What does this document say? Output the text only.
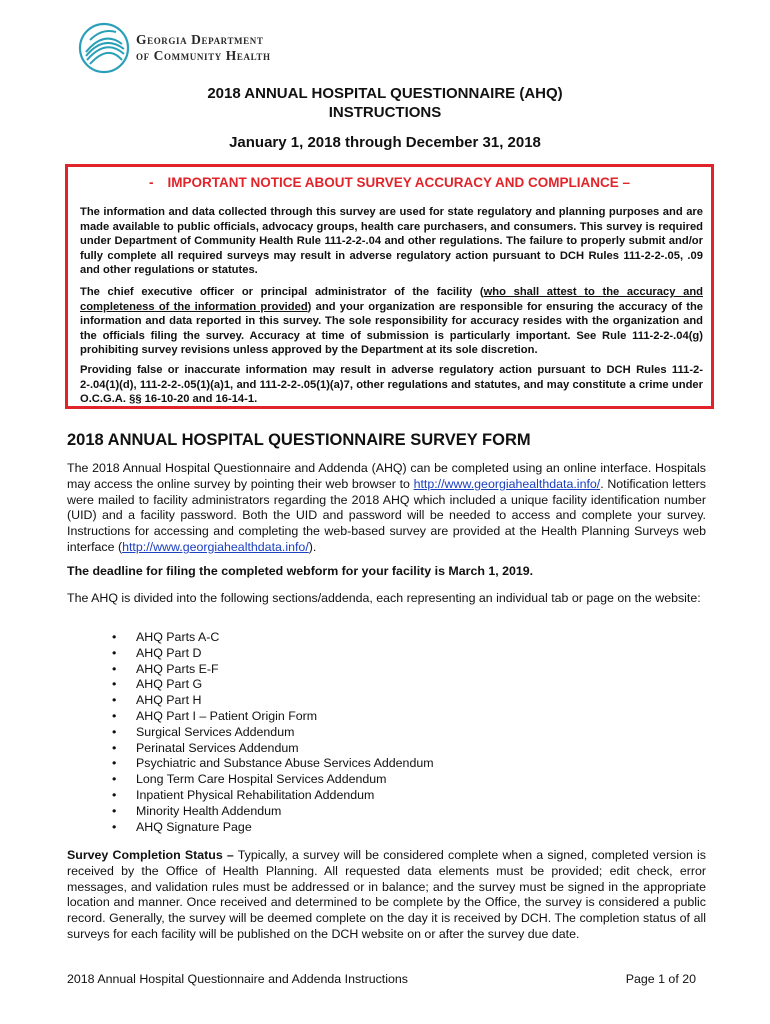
Georgia Department
of Community Health
2018 ANNUAL HOSPITAL QUESTIONNAIRE (AHQ)
INSTRUCTIONS
January 1, 2018 through December 31, 2018
- IMPORTANT NOTICE ABOUT SURVEY ACCURACY AND COMPLIANCE –
The information and data collected through this survey are used for state regulatory and planning purposes and are made available to public officials, advocacy groups, health care purchasers, and consumers. This survey is required under Department of Community Health Rule 111-2-2-.04 and other regulations. The failure to properly submit and/or fully complete all required surveys may result in adverse regulatory action pursuant to DCH Rules 111-2-2-.05, .09 and other regulations or statutes.
The chief executive officer or principal administrator of the facility (who shall attest to the accuracy and completeness of the information provided) and your organization are responsible for ensuring the accuracy of the information and data reported in this survey. The sole responsibility for accuracy resides with the organization and the officials filing the survey. Accuracy at time of submission is particularly important. See Rule 111-2-2-.04(g) prohibiting survey revisions unless approved by the Department at its sole discretion.
Providing false or inaccurate information may result in adverse regulatory action pursuant to DCH Rules 111-2-2-.04(1)(d), 111-2-2-.05(1)(a)1, and 111-2-2-.05(1)(a)7, other regulations and statutes, and may constitute a crime under O.C.G.A. §§ 16-10-20 and 16-14-1.
2018 ANNUAL HOSPITAL QUESTIONNAIRE SURVEY FORM
The 2018 Annual Hospital Questionnaire and Addenda (AHQ) can be completed using an online interface. Hospitals may access the online survey by pointing their web browser to http://www.georgiahealthdata.info/. Notification letters were mailed to facility administrators regarding the 2018 AHQ which included a unique facility identification number (UID) and a facility password. Both the UID and password will be needed to access and complete your survey. Instructions for accessing and completing the web-based survey are provided at the Health Planning Surveys web interface (http://www.georgiahealthdata.info/).
The deadline for filing the completed webform for your facility is March 1, 2019.
The AHQ is divided into the following sections/addenda, each representing an individual tab or page on the website:
• AHQ Parts A-C
• AHQ Part D
• AHQ Parts E-F
• AHQ Part G
• AHQ Part H
• AHQ Part I – Patient Origin Form
• Surgical Services Addendum
• Perinatal Services Addendum
• Psychiatric and Substance Abuse Services Addendum
• Long Term Care Hospital Services Addendum
• Inpatient Physical Rehabilitation Addendum
• Minority Health Addendum
• AHQ Signature Page
Survey Completion Status – Typically, a survey will be considered complete when a signed, completed version is received by the Office of Health Planning. All requested data elements must be provided; edit check, error messages, and validation rules must be addressed or in balance; and the survey must be signed in the appropriate location and manner. Once received and determined to be complete by the Office, the survey is considered a public record. Generally, the survey will be deemed complete on the day it is received by DCH. The completion status of all surveys for each facility will be published on the DCH website on or after the survey due date.
2018 Annual Hospital Questionnaire and Addenda Instructions	Page 1 of 20
